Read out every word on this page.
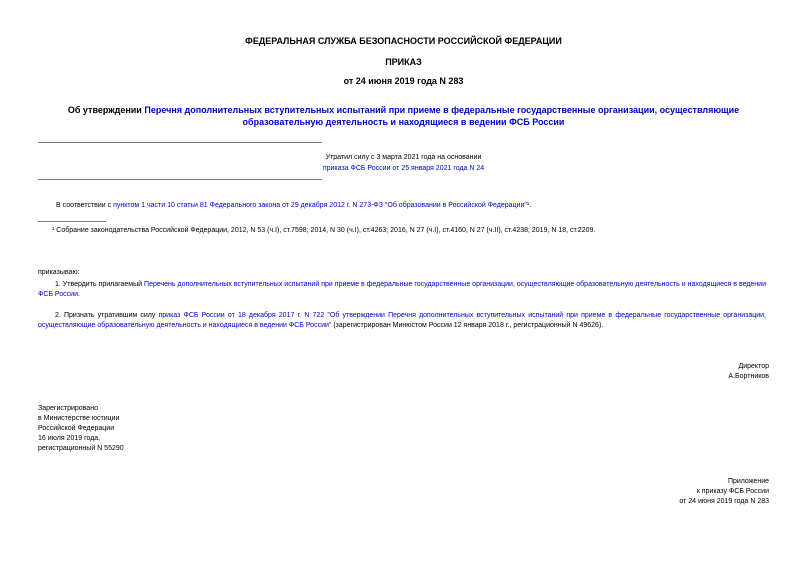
ФЕДЕРАЛЬНАЯ СЛУЖБА БЕЗОПАСНОСТИ РОССИЙСКОЙ ФЕДЕРАЦИИ
ПРИКАЗ
от 24 июня 2019 года N 283
Об утверждении Перечня дополнительных вступительных испытаний при приеме в федеральные государственные организации, осуществляющие образовательную деятельность и находящиеся в ведении ФСБ России
Утратил силу с 3 марта 2021 года на основании
приказа ФСБ России от 25 января 2021 года N 24
В соответствии с пунктом 1 части 10 статьи 81 Федерального закона от 29 декабря 2012 г. N 273-ФЗ "Об образовании в Российской Федерации"¹.
¹ Собрание законодательства Российской Федерации, 2012, N 53 (ч.I), ст.7598; 2014, N 30 (ч.I), ст.4263; 2016, N 27 (ч.I), ст.4160, N 27 (ч.II), ст.4238; 2019, N 18, ст.2209.
приказываю:
1. Утвердить прилагаемый Перечень дополнительных вступительных испытаний при приеме в федеральные государственные организации, осуществляющие образовательную деятельность и находящиеся в ведении ФСБ России.
2. Признать утратившим силу приказ ФСБ России от 18 декабря 2017 г. N 722 "Об утверждении Перечня дополнительных вступительных испытаний при приеме в федеральные государственные организации, осуществляющие образовательную деятельность и находящиеся в ведении ФСБ России" (зарегистрирован Минюстом России 12 января 2018 г., регистрационный N 49626).
Директор
А.Бортников
Зарегистрировано
в Министерстве юстиции
Российской Федерации
16 июля 2019 года,
регистрационный N 55290
Приложение
к приказу ФСБ России
от 24 июня 2019 года N 283
